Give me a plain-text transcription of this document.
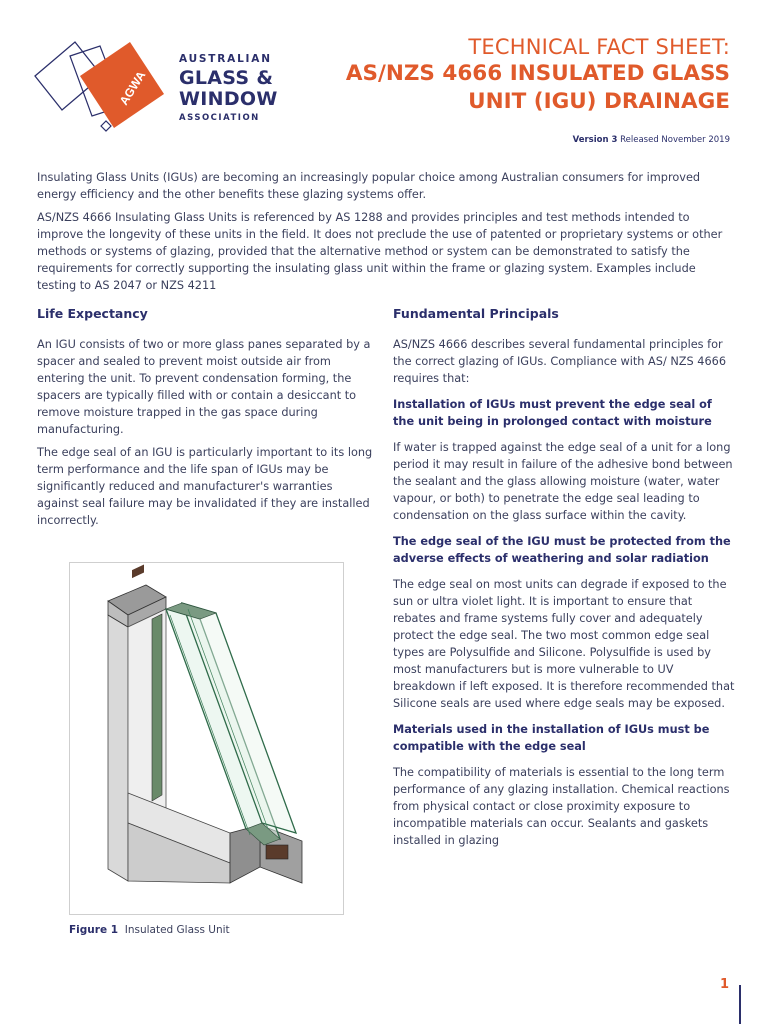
AGWA
AUSTRALIAN
GLASS &
WINDOW
ASSOCIATION
TECHNICAL FACT SHEET:
AS/NZS 4666 INSULATED GLASS
UNIT (IGU) DRAINAGE
Version 3 Released November 2019

Insulating Glass Units (IGUs) are becoming an increasingly popular choice among Australian consumers for improved energy efficiency and the other benefits these glazing systems offer.

AS/NZS 4666 Insulating Glass Units is referenced by AS 1288 and provides principles and test methods intended to improve the longevity of these units in the field. It does not preclude the use of patented or proprietary systems or other methods or systems of glazing, provided that the alternative method or system can be demonstrated to satisfy the requirements for correctly supporting the insulating glass unit within the frame or glazing system. Examples include testing to AS 2047 or NZS 4211

Life Expectancy

An IGU consists of two or more glass panes separated by a spacer and sealed to prevent moist outside air from entering the unit. To prevent condensation forming, the spacers are typically filled with or contain a desiccant to remove moisture trapped in the gas space during manufacturing.

The edge seal of an IGU is particularly important to its long term performance and the life span of IGUs may be significantly reduced and manufacturer's warranties against seal failure may be invalidated if they are installed incorrectly.

Figure 1 Insulated Glass Unit
Fundamental Principals

AS/NZS 4666 describes several fundamental principles for the correct glazing of IGUs. Compliance with AS/ NZS 4666 requires that:

Installation of IGUs must prevent the edge seal of the unit being in prolonged contact with moisture

If water is trapped against the edge seal of a unit for a long period it may result in failure of the adhesive bond between the sealant and the glass allowing moisture (water, water vapour, or both) to penetrate the edge seal leading to condensation on the glass surface within the cavity.

The edge seal of the IGU must be protected from the adverse effects of weathering and solar radiation

The edge seal on most units can degrade if exposed to the sun or ultra violet light. It is important to ensure that rebates and frame systems fully cover and adequately protect the edge seal. The two most common edge seal types are Polysulfide and Silicone. Polysulfide is used by most manufacturers but is more vulnerable to UV breakdown if left exposed. It is therefore recommended that Silicone seals are used where edge seals may be exposed.

Materials used in the installation of IGUs must be compatible with the edge seal

The compatibility of materials is essential to the long term performance of any glazing installation. Chemical reactions from physical contact or close proximity exposure to incompatible materials can occur. Sealants and gaskets installed in glazing

1
